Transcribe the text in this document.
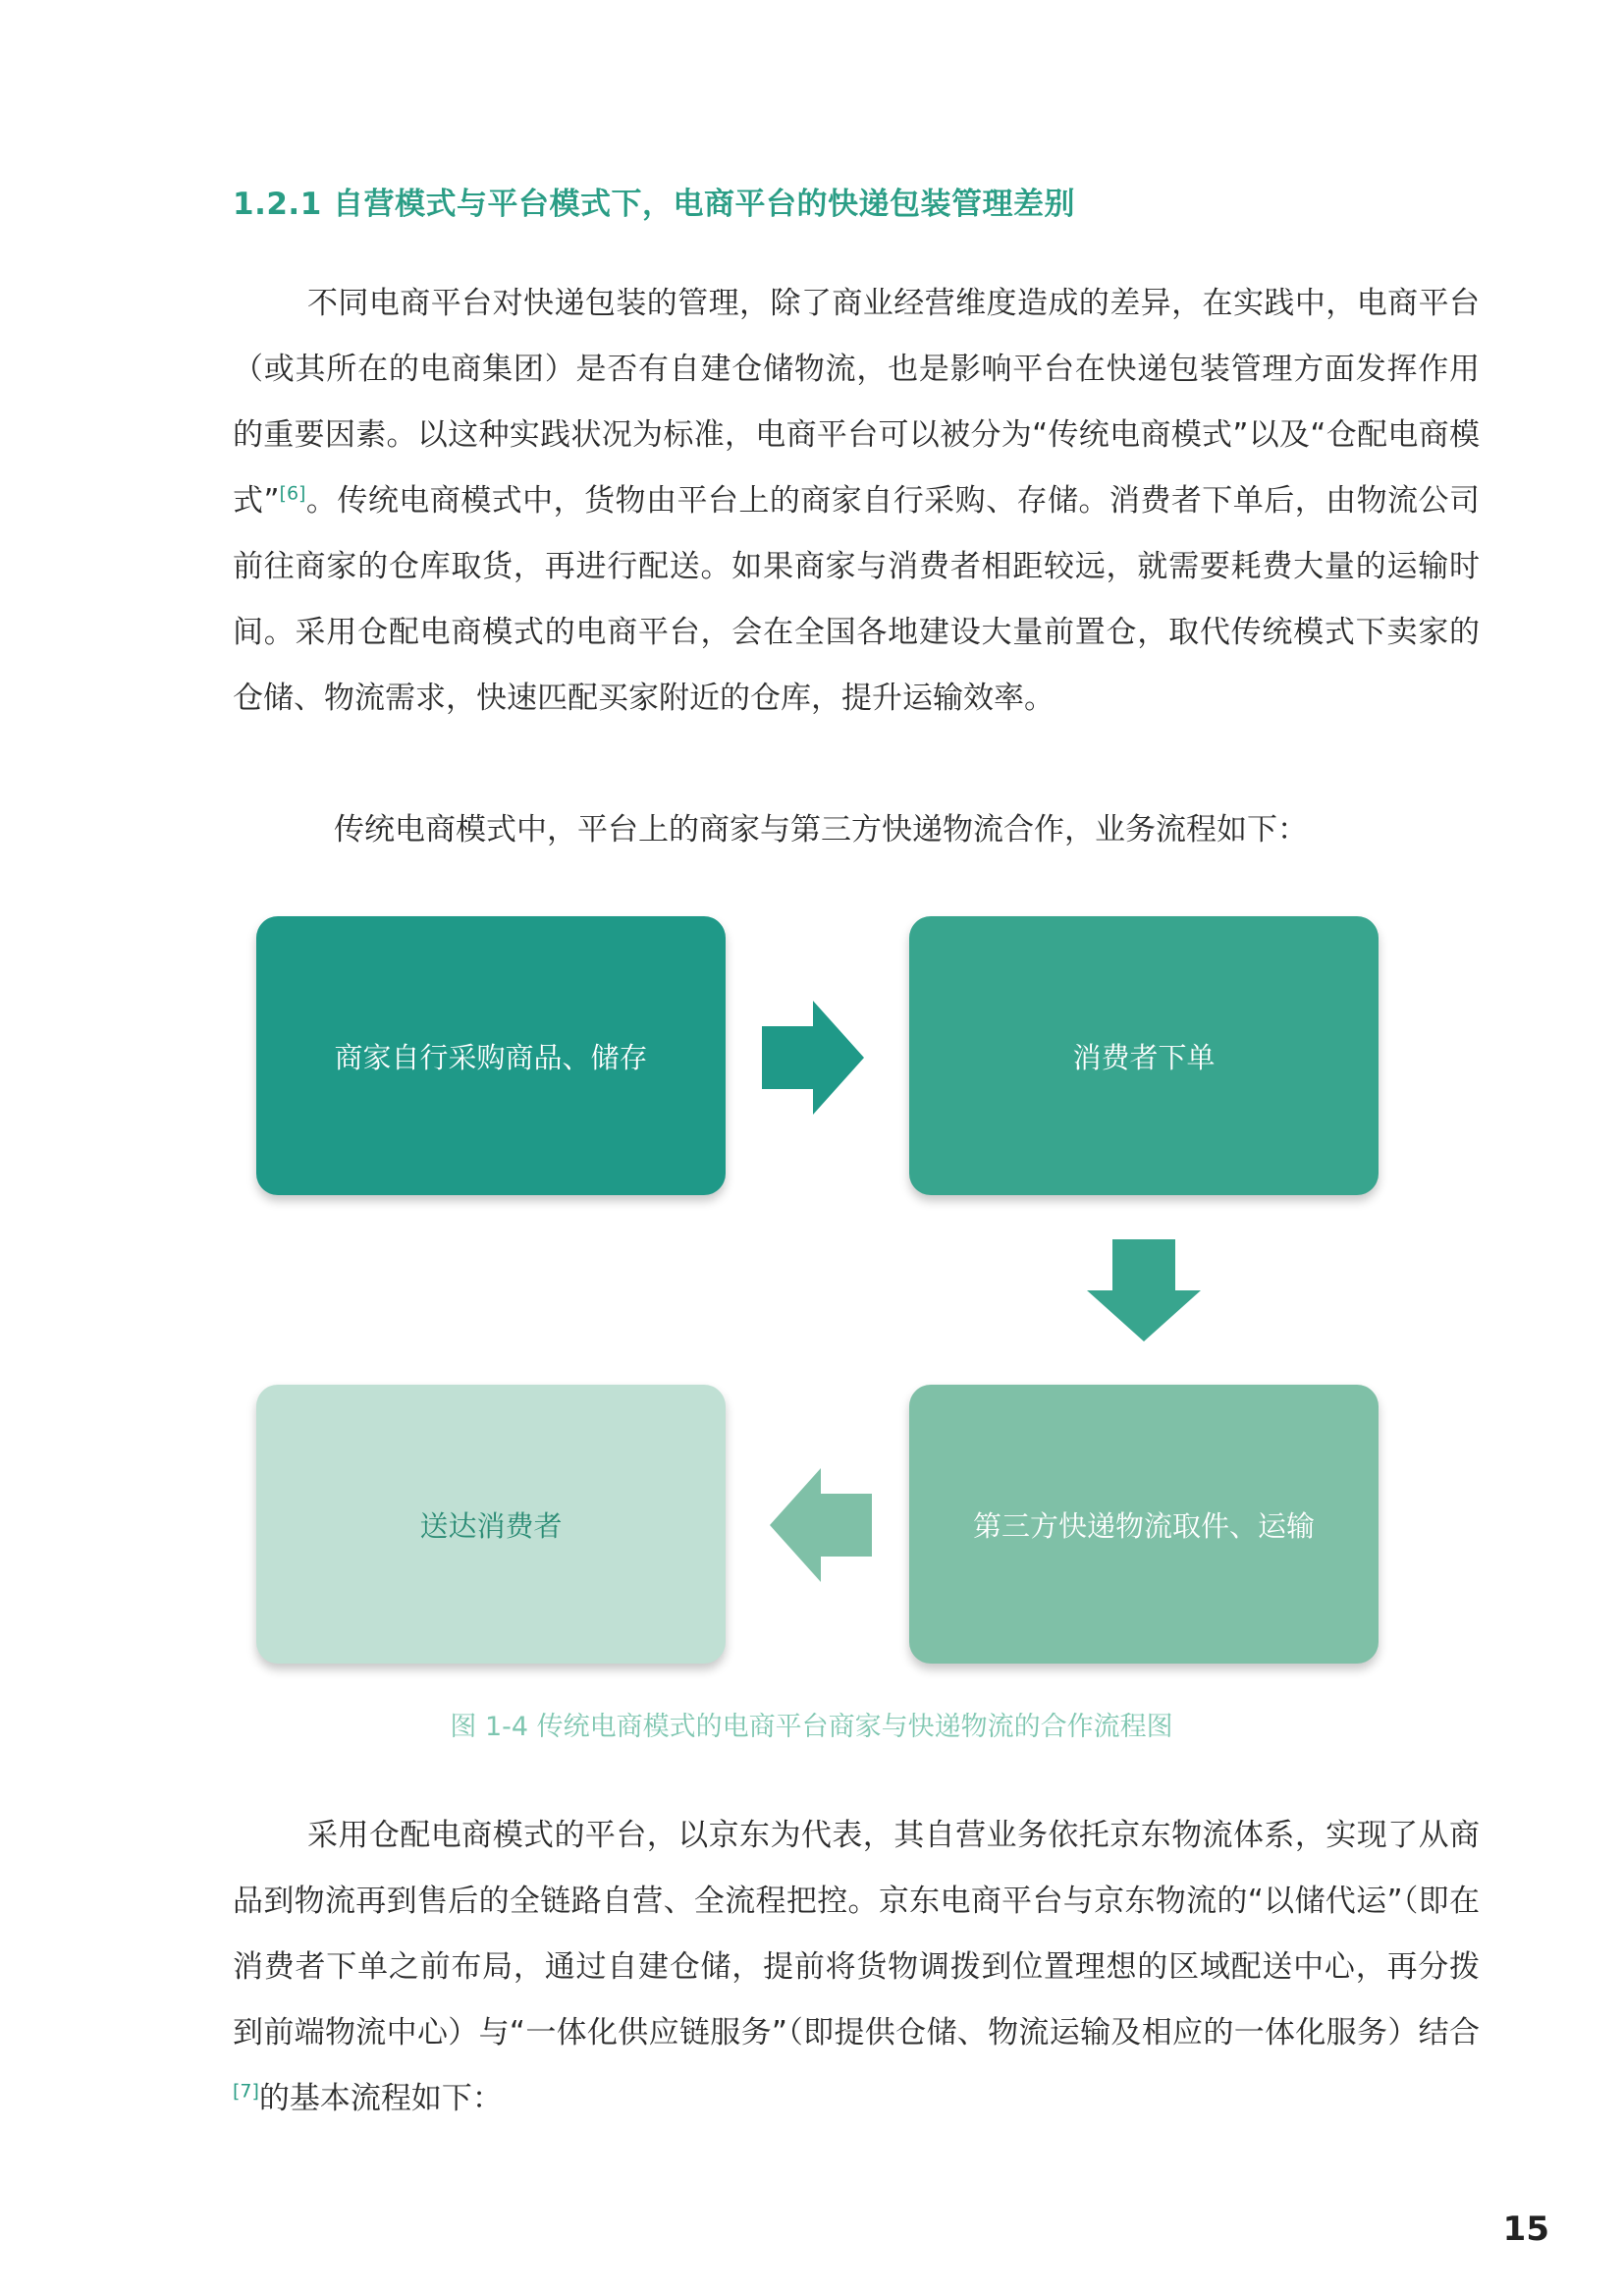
1.2.1 自营模式与平台模式下，电商平台的快递包装管理差别
不同电商平台对快递包装的管理，除了商业经营维度造成的差异，在实践中，电商平台（或其所在的电商集团）是否有自建仓储物流，也是影响平台在快递包装管理方面发挥作用的重要因素。以这种实践状况为标准，电商平台可以被分为“传统电商模式”以及“仓配电商模式”[6]。传统电商模式中，货物由平台上的商家自行采购、存储。消费者下单后，由物流公司前往商家的仓库取货，再进行配送。如果商家与消费者相距较远，就需要耗费大量的运输时间。采用仓配电商模式的电商平台，会在全国各地建设大量前置仓，取代传统模式下卖家的仓储、物流需求，快速匹配买家附近的仓库，提升运输效率。
传统电商模式中，平台上的商家与第三方快递物流合作，业务流程如下：
商家自行采购商品、储存	消费者下单
第三方快递物流取件、运输
送达消费者
图 1-4 传统电商模式的电商平台商家与快递物流的合作流程图
采用仓配电商模式的平台，以京东为代表，其自营业务依托京东物流体系，实现了从商品到物流再到售后的全链路自营、全流程把控。京东电商平台与京东物流的“以储代运”（即在消费者下单之前布局，通过自建仓储，提前将货物调拨到位置理想的区域配送中心，再分拨到前端物流中心）与“一体化供应链服务”（即提供仓储、物流运输及相应的一体化服务）结合[7]的基本流程如下：
15
